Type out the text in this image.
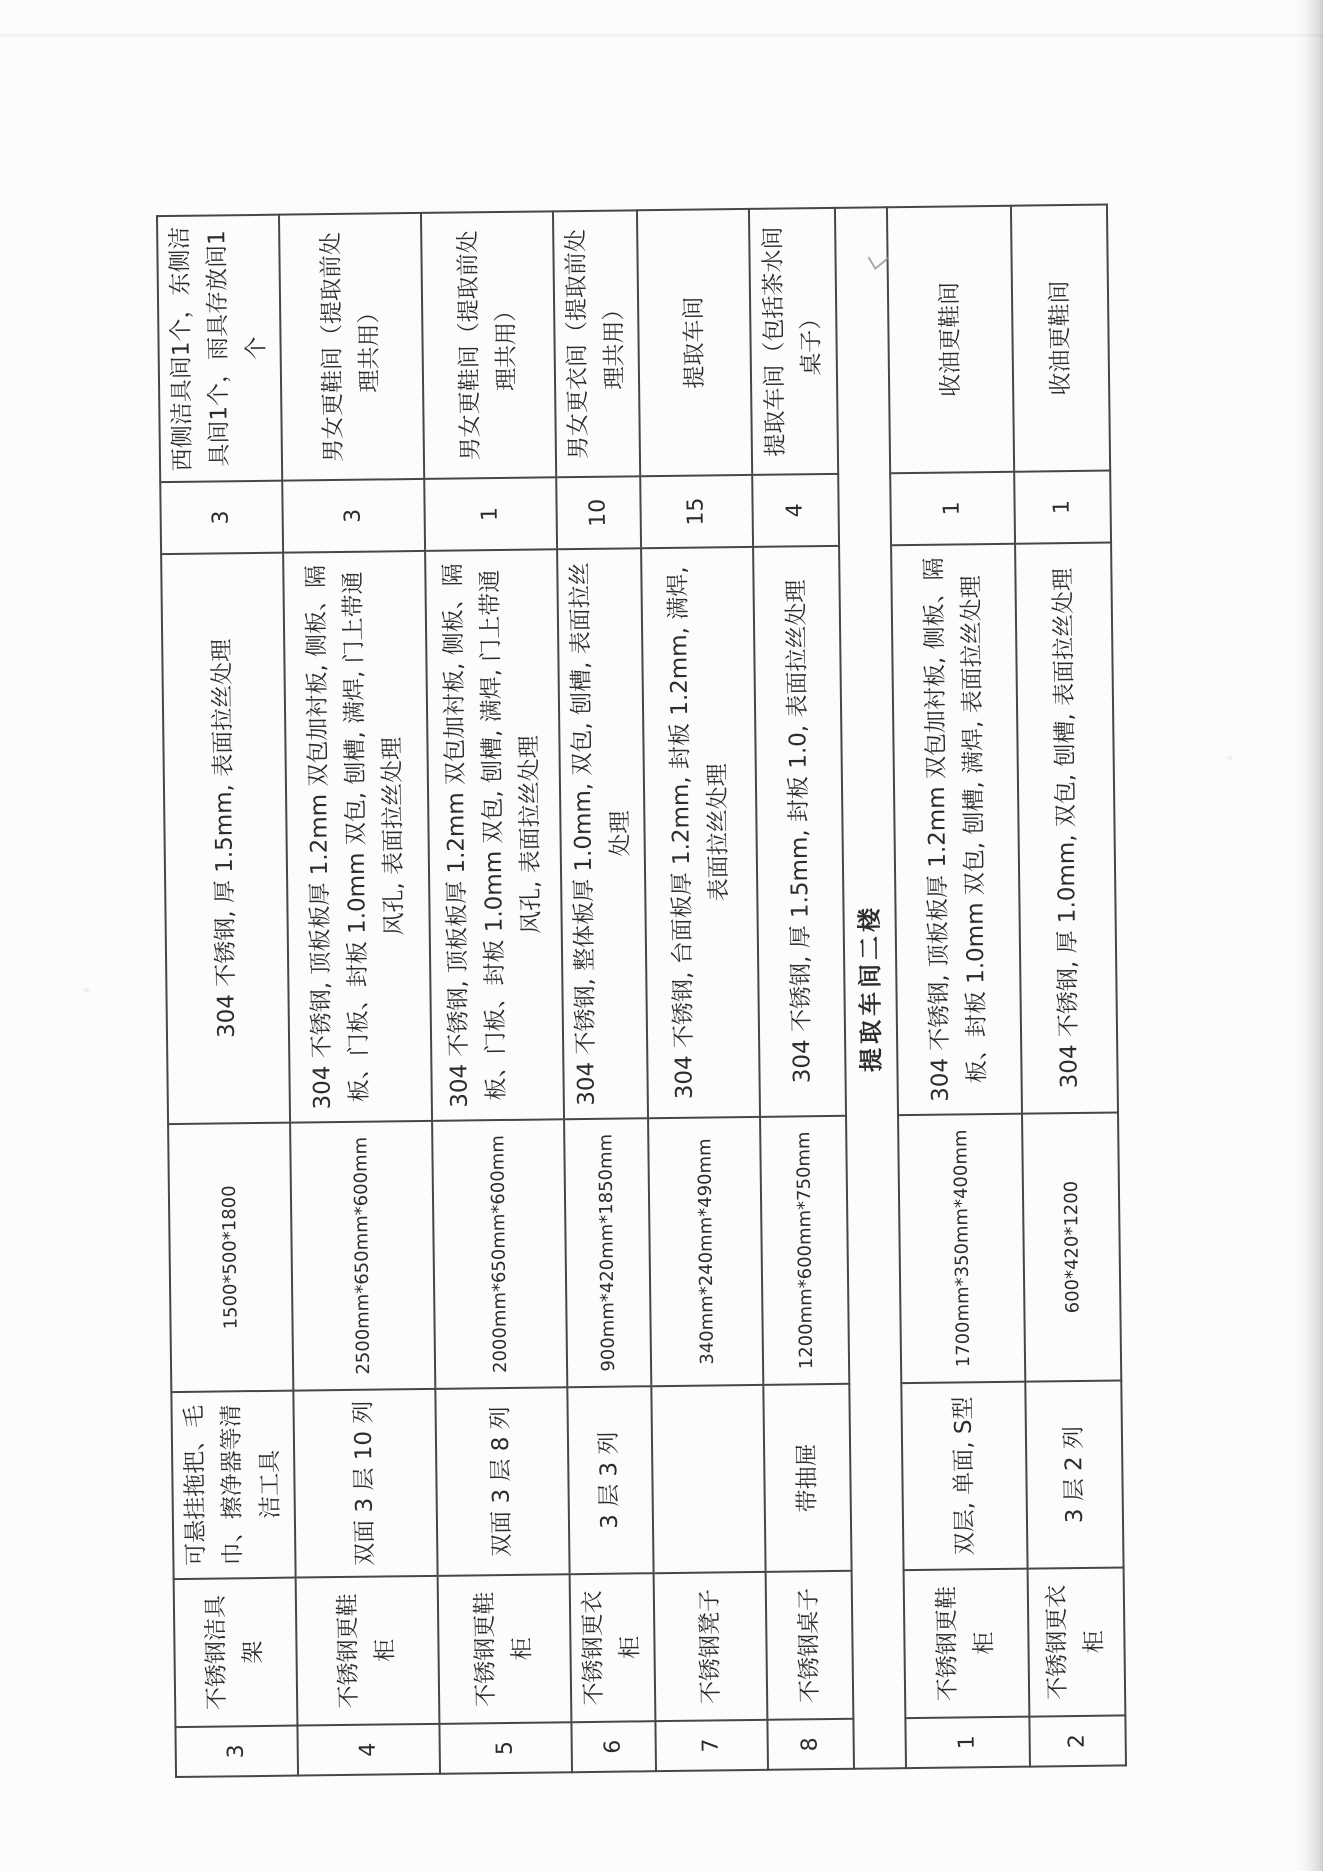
3	不锈钢洁具架	可悬挂拖把、毛巾、擦净器等清洁工具	1500*500*1800	304 不锈钢, 厚 1.5mm, 表面拉丝处理	3	西侧洁具间1个，东侧洁具间1个，雨具存放间1个
4	不锈钢更鞋柜	双面 3 层 10 列	2500mm*650mm*600mm	304 不锈钢, 顶板板厚 1.2mm 双包加衬板, 侧板、隔板、门板、封板 1.0mm 双包, 刨槽, 满焊, 门上带通风孔, 表面拉丝处理	3	男女更鞋间（提取前处理共用）
5	不锈钢更鞋柜	双面 3 层 8 列	2000mm*650mm*600mm	304 不锈钢, 顶板板厚 1.2mm 双包加衬板, 侧板、隔板、门板、封板 1.0mm 双包, 刨槽, 满焊, 门上带通风孔, 表面拉丝处理	1	男女更鞋间（提取前处理共用）
6	不锈钢更衣柜	3 层 3 列	900mm*420mm*1850mm	304 不锈钢, 整体板厚 1.0mm, 双包, 刨槽, 表面拉丝处理	10	男女更衣间（提取前处理共用）
7	不锈钢凳子		340mm*240mm*490mm	304 不锈钢, 台面板厚 1.2mm, 封板 1.2mm, 满焊, 表面拉丝处理	15	提取车间
8	不锈钢桌子	带抽屉	1200mm*600mm*750mm	304 不锈钢, 厚 1.5mm, 封板 1.0, 表面拉丝处理	4	提取车间（包括茶水间桌子）
提取车间二楼						
1	不锈钢更鞋柜	双层, 单面, S型	1700mm*350mm*400mm	304 不锈钢, 顶板板厚 1.2mm 双包加衬板, 侧板、隔板、封板 1.0mm 双包, 刨槽, 满焊, 表面拉丝处理	1	收油更鞋间
2	不锈钢更衣柜	3 层 2 列	600*420*1200	304 不锈钢, 厚 1.0mm, 双包, 刨槽, 表面拉丝处理	1	收油更鞋间
